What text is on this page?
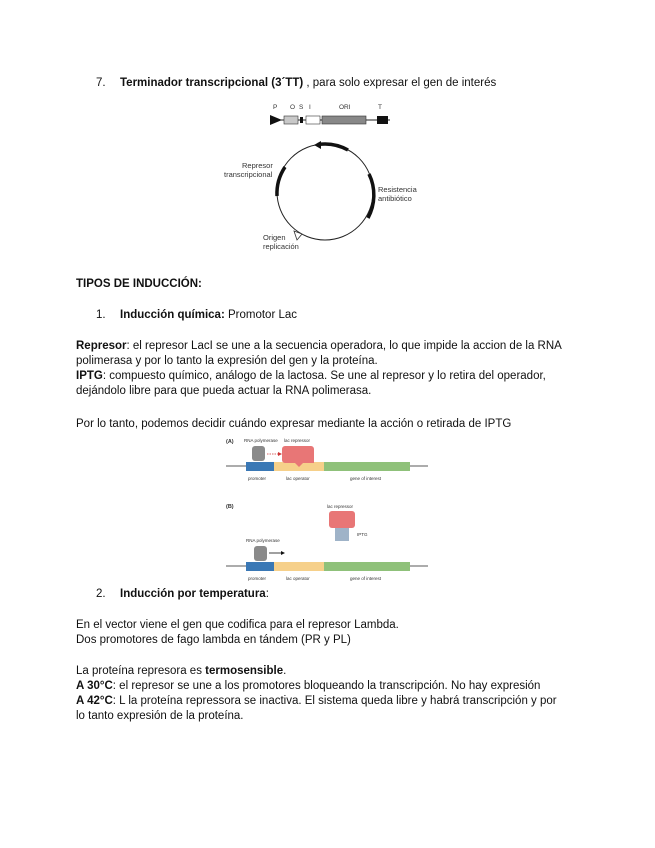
7. Terminador transcripcional (3´TT) , para solo expresar el gen de interés
P O S I	ORI	T
Represor
transcripcional
Resistencia
antibiótico
Origen
replicación
TIPOS DE INDUCCIÓN:
1. Inducción química: Promotor Lac
Represor: el represor LacI se une a la secuencia operadora, lo que impide la accion de la RNA
polimerasa y por lo tanto la expresión del gen y la proteína.
IPTG: compuesto químico, análogo de la lactosa. Se une al represor y lo retira del operador,
dejándolo libre para que pueda actuar la RNA polimerasa.
Por lo tanto, podemos decidir cuándo expresar mediante la acción o retirada de IPTG
(A) RNA polymerase lac repressor
promoter	lac operator	gene of interest
(B)	lac repressor
IPTG
RNA polymerase
promoter	lac operator	gene of interest
2. Inducción por temperatura:
En el vector viene el gen que codifica para el represor Lambda.
Dos promotores de fago lambda en tándem (PR y PL)
La proteína represora es termosensible.
A 30°C: el represor se une a los promotores bloqueando la transcripción. No hay expresión
A 42°C: L la proteína repressora se inactiva. El sistema queda libre y habrá transcripción y por
lo tanto expresión de la proteína.
